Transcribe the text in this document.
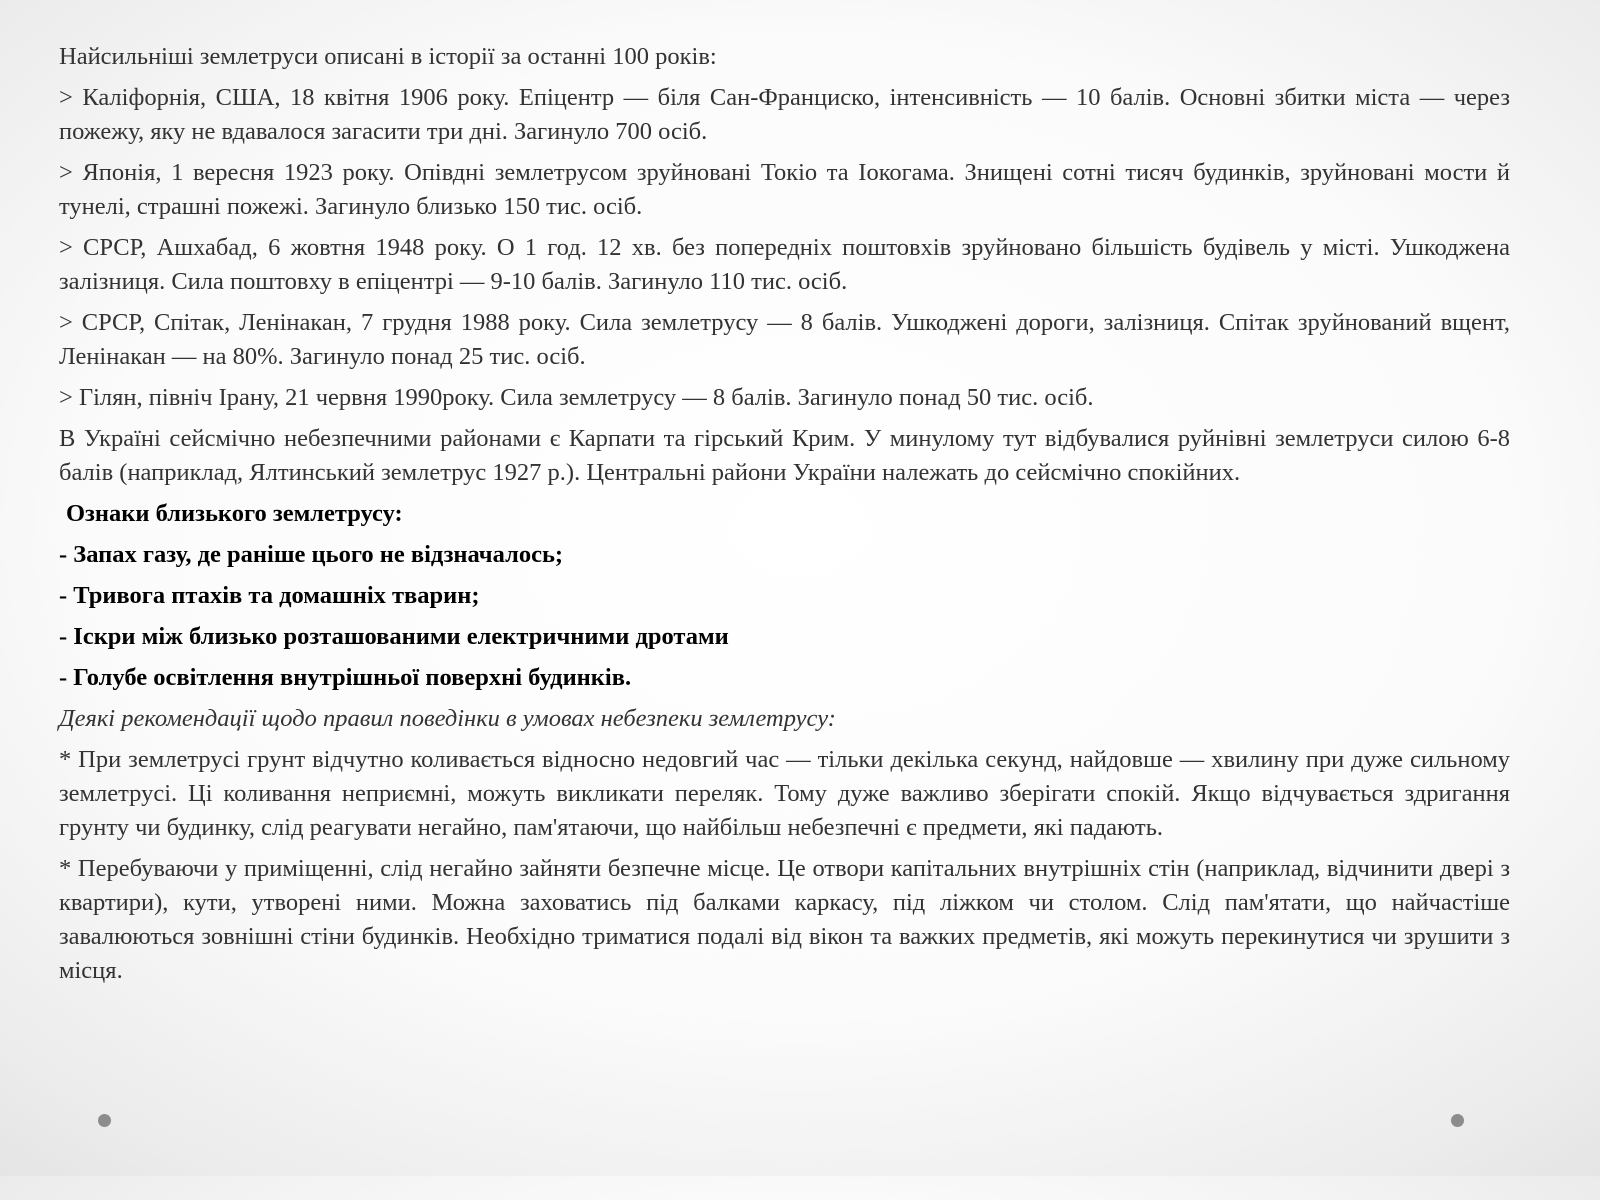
Найсильніші землетруси описані в історії за останні 100 років:

> Каліфорнія, США, 18 квітня 1906 року. Епіцентр — біля Сан-Франциско, інтенсивність — 10 балів. Основні збитки міста — через пожежу, яку не вдавалося загасити три дні. Загинуло 700 осіб.

> Японія, 1 вересня 1923 року. Опівдні землетрусом зруйновані Токіо та Іокогама. Знищені сотні тисяч будинків, зруйновані мости й тунелі, страшні пожежі. Загинуло близько 150 тис. осіб.

> СРСР, Ашхабад, 6 жовтня 1948 року. О 1 год. 12 хв. без попередніх поштовхів зруйновано більшість будівель у місті. Ушкоджена залізниця. Сила поштовху в епіцентрі — 9-10 балів. Загинуло 110 тис. осіб.

> СРСР, Спітак, Ленінакан, 7 грудня 1988 року. Сила землетрусу — 8 балів. Ушкоджені дороги, залізниця. Спітак зруйнований вщент, Ленінакан — на 80%. Загинуло понад 25 тис. осіб.

> Гілян, північ Ірану, 21 червня 1990року. Сила землетрусу — 8 балів. Загинуло понад 50 тис. осіб.

В Україні сейсмічно небезпечними районами є Карпати та гірський Крим. У минулому тут відбувалися руйнівні землетруси силою 6-8 балів (наприклад, Ялтинський землетрус 1927 р.). Центральні райони України належать до сейсмічно спокійних.

Ознаки близького землетрусу:

- Запах газу, де раніше цього не відзначалось;

- Тривога птахів та домашніх тварин;

- Іскри між близько розташованими електричними дротами

- Голубе освітлення внутрішньої поверхні будинків.

Деякі рекомендації щодо правил поведінки в умовах небезпеки землетрусу:

* При землетрусі грунт відчутно коливається відносно недовгий час — тільки декілька секунд, найдовше — хвилину при дуже сильному землетрусі. Ці коливання неприємні, можуть викликати переляк. Тому дуже важливо зберігати спокій. Якщо відчувається здригання грунту чи будинку, слід реагувати негайно, пам'ятаючи, що найбільш небезпечні є предмети, які падають.

* Перебуваючи у приміщенні, слід негайно зайняти безпечне місце. Це отвори капітальних внутрішніх стін (наприклад, відчинити двері з квартири), кути, утворені ними. Можна заховатись під балками каркасу, під ліжком чи столом. Слід пам'ятати, що найчастіше завалюються зовнішні стіни будинків. Необхідно триматися подалі від вікон та важких предметів, які можуть перекинутися чи зрушити з місця.
